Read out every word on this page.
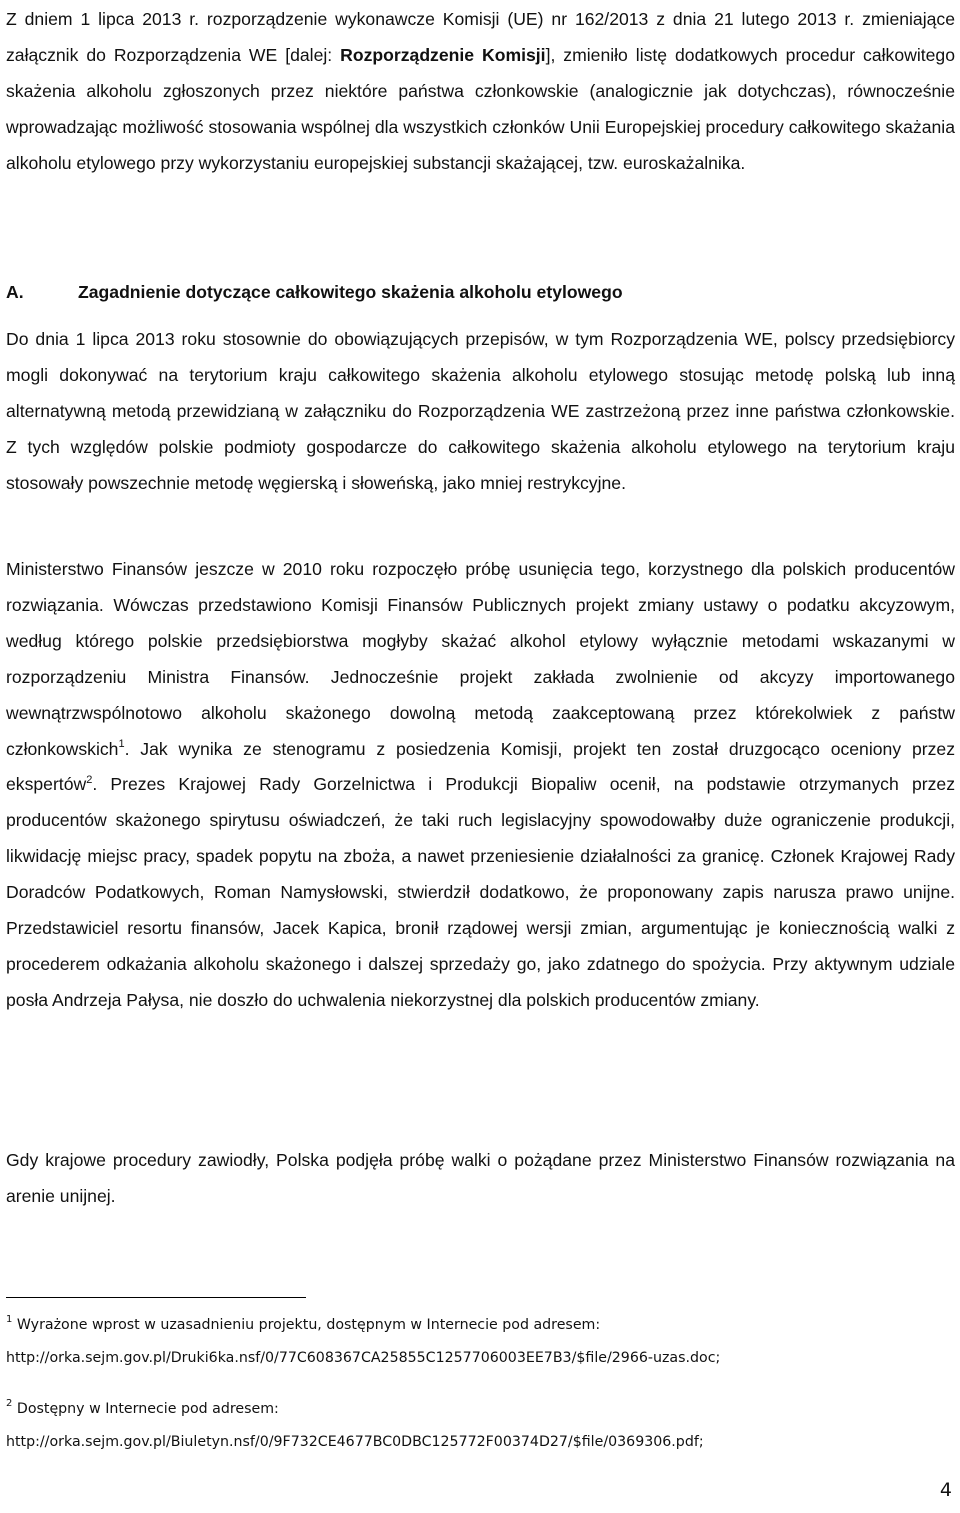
Z dniem 1 lipca 2013 r. rozporządzenie wykonawcze Komisji (UE) nr 162/2013 z dnia 21 lutego 2013 r. zmieniające załącznik do Rozporządzenia WE [dalej: Rozporządzenie Komisji], zmieniło listę dodatkowych procedur całkowitego skażenia alkoholu zgłoszonych przez niektóre państwa członkowskie (analogicznie jak dotychczas), równocześnie wprowadzając możliwość stosowania wspólnej dla wszystkich członków Unii Europejskiej procedury całkowitego skażania alkoholu etylowego przy wykorzystaniu europejskiej substancji skażającej, tzw. euroskażalnika.

A.	Zagadnienie dotyczące całkowitego skażenia alkoholu etylowego

Do dnia 1 lipca 2013 roku stosownie do obowiązujących przepisów, w tym Rozporządzenia WE, polscy przedsiębiorcy mogli dokonywać na terytorium kraju całkowitego skażenia alkoholu etylowego stosując metodę polską lub inną alternatywną metodą przewidzianą w załączniku do Rozporządzenia WE zastrzeżoną przez inne państwa członkowskie. Z tych względów polskie podmioty gospodarcze do całkowitego skażenia alkoholu etylowego na terytorium kraju stosowały powszechnie metodę węgierską i słoweńską, jako mniej restrykcyjne.

Ministerstwo Finansów jeszcze w 2010 roku rozpoczęło próbę usunięcia tego, korzystnego dla polskich producentów rozwiązania. Wówczas przedstawiono Komisji Finansów Publicznych projekt zmiany ustawy o podatku akcyzowym, według którego polskie przedsiębiorstwa mogłyby skażać alkohol etylowy wyłącznie metodami wskazanymi w rozporządzeniu Ministra Finansów. Jednocześnie projekt zakłada zwolnienie od akcyzy importowanego wewnątrzwspólnotowo alkoholu skażonego dowolną metodą zaakceptowaną przez którekolwiek z państw członkowskich$^1$. Jak wynika ze stenogramu z posiedzenia Komisji, projekt ten został druzgocąco oceniony przez ekspertów$^2$. Prezes Krajowej Rady Gorzelnictwa i Produkcji Biopaliw ocenił, na podstawie otrzymanych przez producentów skażonego spirytusu oświadczeń, że taki ruch legislacyjny spowodowałby duże ograniczenie produkcji, likwidację miejsc pracy, spadek popytu na zboża, a nawet przeniesienie działalności za granicę. Członek Krajowej Rady Doradców Podatkowych, Roman Namysłowski, stwierdził dodatkowo, że proponowany zapis narusza prawo unijne. Przedstawiciel resortu finansów, Jacek Kapica, bronił rządowej wersji zmian, argumentując je koniecznością walki z procederem odkażania alkoholu skażonego i dalszej sprzedaży go, jako zdatnego do spożycia. Przy aktywnym udziale posła Andrzeja Pałysa, nie doszło do uchwalenia niekorzystnej dla polskich producentów zmiany.

Gdy krajowe procedury zawiodły, Polska podjęła próbę walki o pożądane przez Ministerstwo Finansów rozwiązania na arenie unijnej.

$^1$ Wyrażone wprost w uzasadnieniu projektu, dostępnym w Internecie pod adresem:
http://orka.sejm.gov.pl/Druki6ka.nsf/0/77C608367CA25855C1257706003EE7B3/$file/2966-uzas.doc;
$^2$ Dostępny w Internecie pod adresem:
http://orka.sejm.gov.pl/Biuletyn.nsf/0/9F732CE4677BC0DBC125772F00374D27/$file/0369306.pdf;
4
